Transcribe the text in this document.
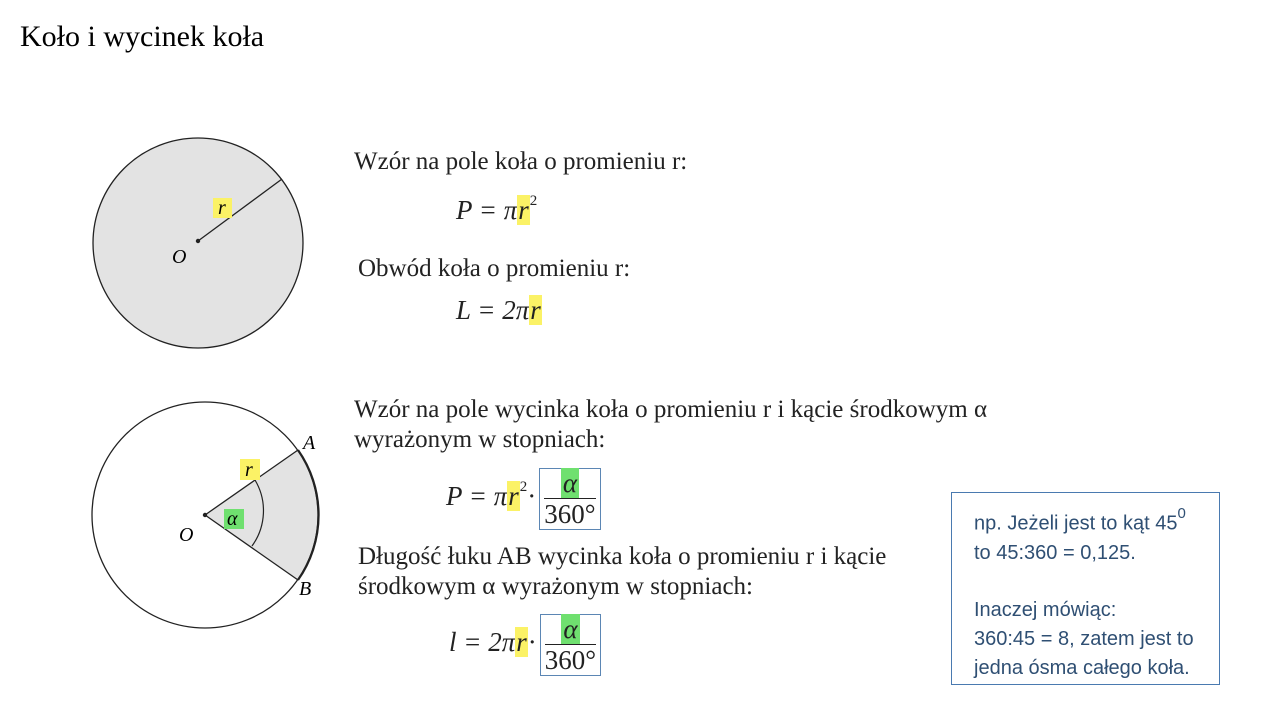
Koło i wycinek koła
r
O
Wzór na pole koła o promieniu r:
$P = \pi r^2$
Obwód koła o promieniu r:
L = 2πr
r
α
O
A
B
Wzór na pole wycinka koła o promieniu r i kącie środkowym α
wyrażonym w stopniach:
$P = \pi r^2\cdot \frac{\alpha}{360^\circ}$
Długość łuku AB wycinka koła o promieniu r i kącie
środkowym α wyrażonym w stopniach:
$l = 2\pi r\cdot \frac{\alpha}{360^\circ}$

np. Jeżeli jest to kąt $45^0$

to 45:360 = 0,125.

Inaczej mówiąc:

360:45 = 8, zatem jest to

jedna ósma całego koła.
